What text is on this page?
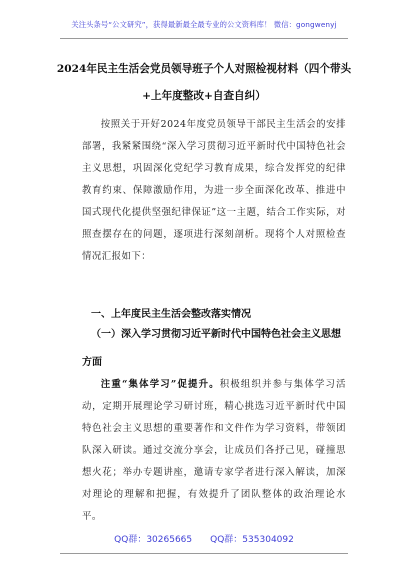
关注头条号“公文研究”，获得最新最全最专业的公文资料库！ 微信：gongwenyj
2024年民主生活会党员领导班子个人对照检视材料（四个带头+上年度整改+自查自纠）
按照关于开好2024年度党员领导干部民主生活会的安排部署，我紧紧围绕“深入学习贯彻习近平新时代中国特色社会主义思想，巩固深化党纪学习教育成果，综合发挥党的纪律教育约束、保障激励作用，为进一步全面深化改革、推进中国式现代化提供坚强纪律保证”这一主题，结合工作实际，对照查摆存在的问题，逐项进行深刻剖析。现将个人对照检查情况汇报如下：
一、上年度民主生活会整改落实情况
（一）深入学习贯彻习近平新时代中国特色社会主义思想方面
注重“集体学习”促提升。积极组织并参与集体学习活动，定期开展理论学习研讨班，精心挑选习近平新时代中国特色社会主义思想的重要著作和文件作为学习资料，带领团队深入研读。通过交流分享会，让成员们各抒己见，碰撞思想火花；举办专题讲座，邀请专家学者进行深入解读，加深对理论的理解和把握，有效提升了团队整体的政治理论水平。
QQ群：30265665 QQ群：535304092
